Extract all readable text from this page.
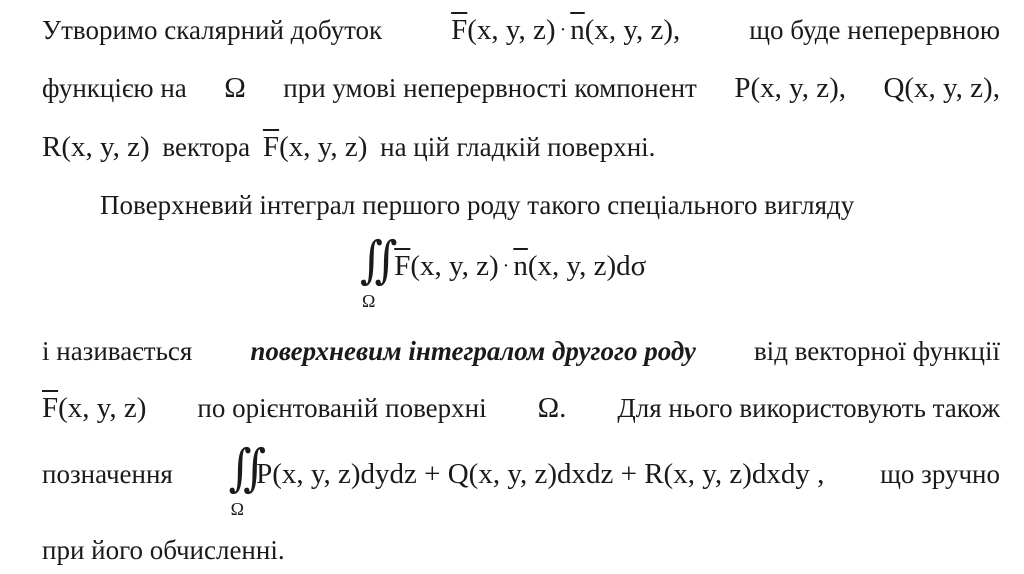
Утворимо скалярний добуток $\overline{F}(x$, y, $z) \cdot \overline{n}(x$, y, z),	що буде неперервною
функцією на Ω при умові неперервності компонент P(x, y, z), Q(x, y, z),
R(x, y, z) вектора $\overline{F}(x$, y, z) на цій гладкій поверхні.
Поверхневий інтеграл першого роду такого спеціального вигляду
∬
Ω
$\overline{F}(x$, y, $z) \cdot \overline{n}(x$, y, z)dσ
і називається поверхневим інтегралом другого роду від векторної функції
$\overline{F}(x$, y, z) по орієнтованій поверхні Ω. Для нього використовують також
позначення ∬
Ω
P(x, y, z)dydz + Q(x, y, z)dxdz + R(x, y, z)dxdy , що зручно
при його обчисленні.
